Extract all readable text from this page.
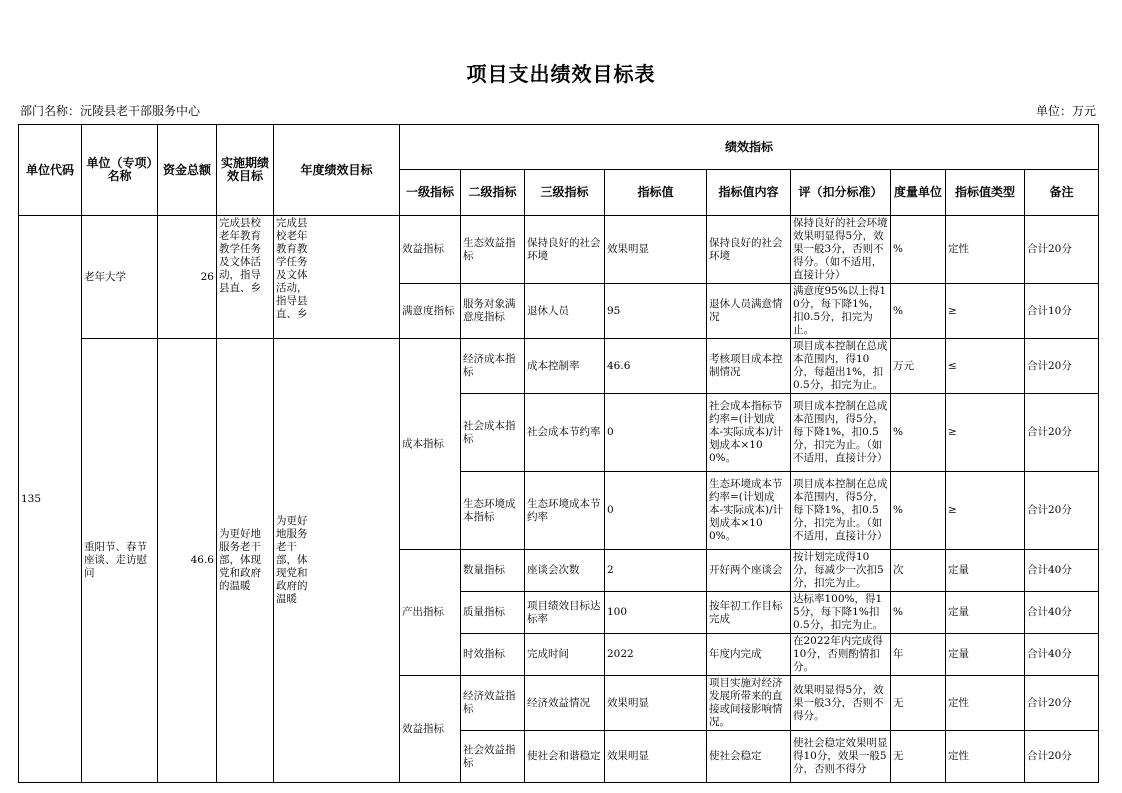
项目支出绩效目标表
部门名称：沅陵县老干部服务中心	单位：万元
单位代码	单位（专项）名称	资金总额	实施期绩效目标	年度绩效目标	绩效指标								
					一级指标	二级指标	三级指标	指标值	指标值内容	评（扣分标准）	度量单位	指标值类型	备注
135	老年大学	26	完成县校老年教育教学任务及文体活动，指导县直、乡	完成县校老年教育教学任务及文体活动，指导县直、乡	效益指标	生态效益指标	保持良好的社会环境	效果明显	保持良好的社会环境	保持良好的社会环境效果明显得5分，效果一般3分，否则不得分。（如不适用，直接计分）	%	定性	合计20分
					满意度指标	服务对象满意度指标	退休人员	95	退休人员满意情况	满意度95%以上得10分，每下降1%，扣0.5分，扣完为止。	%	≥	合计10分
	重阳节、春节座谈、走访慰问	46.6	为更好地服务老干部，体现党和政府的温暖	为更好地服务老干部，体现党和政府的温暖	成本指标	经济成本指标	成本控制率	46.6	考核项目成本控制情况	项目成本控制在总成本范围内，得10分，每超出1%，扣0.5分，扣完为止。	万元	≤	合计20分
						社会成本指标	社会成本节约率	0	社会成本指标节约率=(计划成本-实际成本)/计划成本×100%。	项目成本控制在总成本范围内，得5分，每下降1%，扣0.5分，扣完为止。（如不适用，直接计分）	%	≥	合计20分
						生态环境成本指标	生态环境成本节约率	0	生态环境成本节约率=(计划成本-实际成本)/计划成本×100%。	项目成本控制在总成本范围内，得5分，每下降1%，扣0.5分，扣完为止。（如不适用，直接计分）	%	≥	合计20分
					产出指标	数量指标	座谈会次数	2	开好两个座谈会	按计划完成得10分，每减少一次扣5分，扣完为止。	次	定量	合计40分
						质量指标	项目绩效目标达标率	100	按年初工作目标完成	达标率100%，得15分，每下降1%扣0.5分，扣完为止。	%	定量	合计40分
						时效指标	完成时间	2022	年度内完成	在2022年内完成得10分，否则酌情扣分。	年	定量	合计40分
					效益指标	经济效益指标	经济效益情况	效果明显	项目实施对经济发展所带来的直接或间接影响情况。	效果明显得5分，效果一般3分，否则不得分。	无	定性	合计20分
						社会效益指标	使社会和谐稳定	效果明显	使社会稳定	使社会稳定效果明显得10分，效果一般5分，否则不得分	无	定性	合计20分
